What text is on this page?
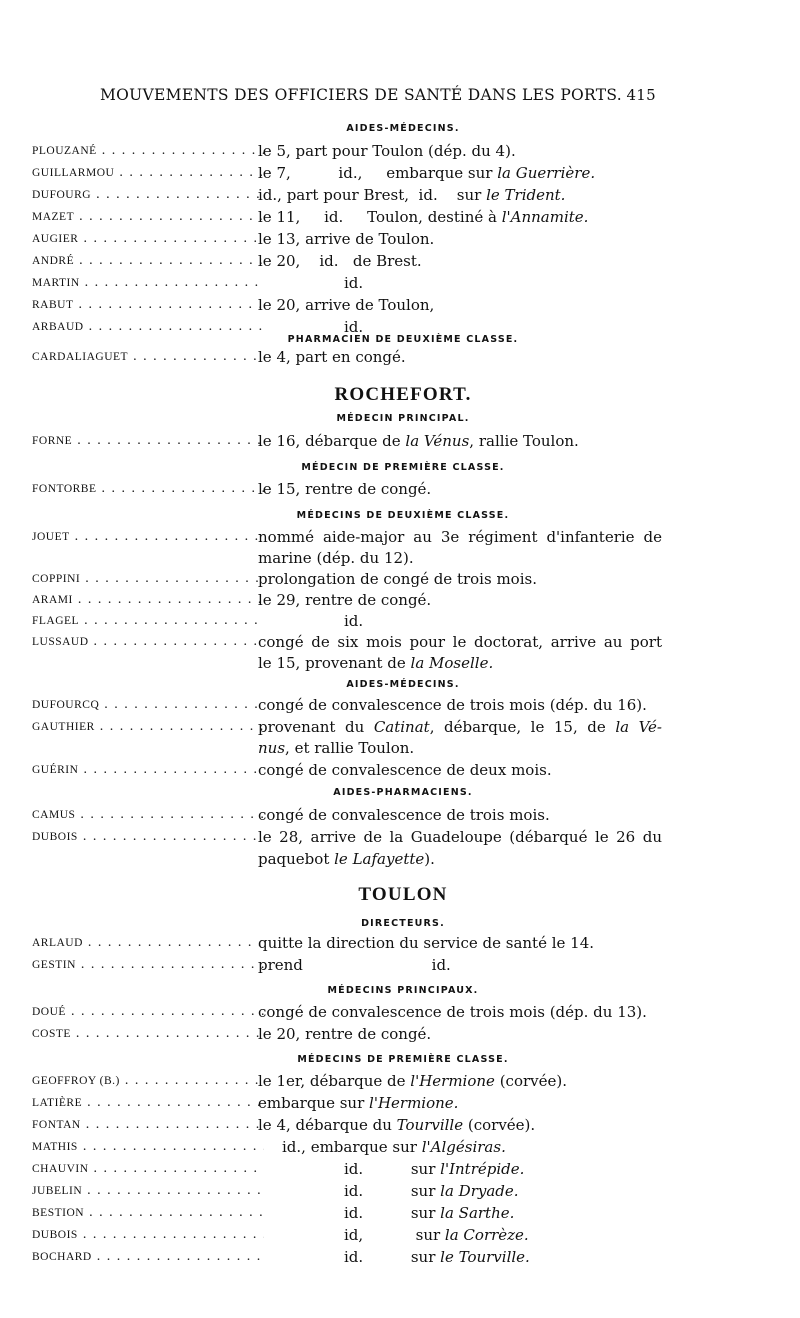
MOUVEMENTS DES OFFICIERS DE SANTÉ DANS LES PORTS. 415
AIDES-MÉDECINS.
PLOUZANÉ . . .	le 5, part pour Toulon (dép. du 4).
GUILLARMOU . . .	le 7,          id.,     embarque sur la Guerrière.
DUFOURG . . .	id., part pour Brest,  id.    sur le Trident.
MAZET . . .	le 11,     id.     Toulon, destiné à l'Annamite.
AUGIER . . .	le 13, arrive de Toulon.
ANDRÉ . . .	le 20,    id.   de Brest.
MARTIN . . .	id.
RABUT . . .	le 20, arrive de Toulon,
ARBAUD . . .	id.
PHARMACIEN DE DEUXIÈME CLASSE.
CARDALIAGUET . . .	le 4, part en congé.
ROCHEFORT.
MÉDECIN PRINCIPAL.
FORNE . . .	le 16, débarque de la Vénus, rallie Toulon.
MÉDECIN DE PREMIÈRE CLASSE.
FONTORBE . . .	le 15, rentre de congé.
MÉDECINS DE DEUXIÈME CLASSE.
JOUET . . .	nommé aide-major au 3e régiment d'infanterie de
marine (dép. du 12).
COPPINI . . .	prolongation de congé de trois mois.
ARAMI . . .	le 29, rentre de congé.
FLAGEL . . .	id.
LUSSAUD . . .	congé de six mois pour le doctorat, arrive au port
le 15, provenant de la Moselle.
AIDES-MÉDECINS.
DUFOURCQ . . .	congé de convalescence de trois mois (dép. du 16).
GAUTHIER . . .	provenant du Catinat, débarque, le 15, de la Vé-
nus, et rallie Toulon.
GUÉRIN . . .	congé de convalescence de deux mois.
AIDES-PHARMACIENS.
CAMUS . . .	congé de convalescence de trois mois.
DUBOIS . . .	le 28, arrive de la Guadeloupe (débarqué le 26 du
paquebot le Lafayette).
TOULON
DIRECTEURS.
ARLAUD . . .	quitte la direction du service de santé le 14.
GESTIN . . .	prend                           id.
MÉDECINS PRINCIPAUX.
DOUÉ . . .	congé de convalescence de trois mois (dép. du 13).
COSTE . . .	le 20, rentre de congé.
MÉDECINS DE PREMIÈRE CLASSE.
GEOFFROY (B.) . . .	le 1er, débarque de l'Hermione (corvée).
LATIÈRE . . .	embarque sur l'Hermione.
FONTAN . . .	le 4, débarque du Tourville (corvée).
MATHIS . . .	id., embarque sur l'Algésiras.
CHAUVIN . . .	id.          sur l'Intrépide.
JUBELIN . . .	id.          sur la Dryade.
BESTION . . .	id.          sur la Sarthe.
DUBOIS . . .	id,           sur la Corrèze.
BOCHARD . . .	id.          sur le Tourville.
